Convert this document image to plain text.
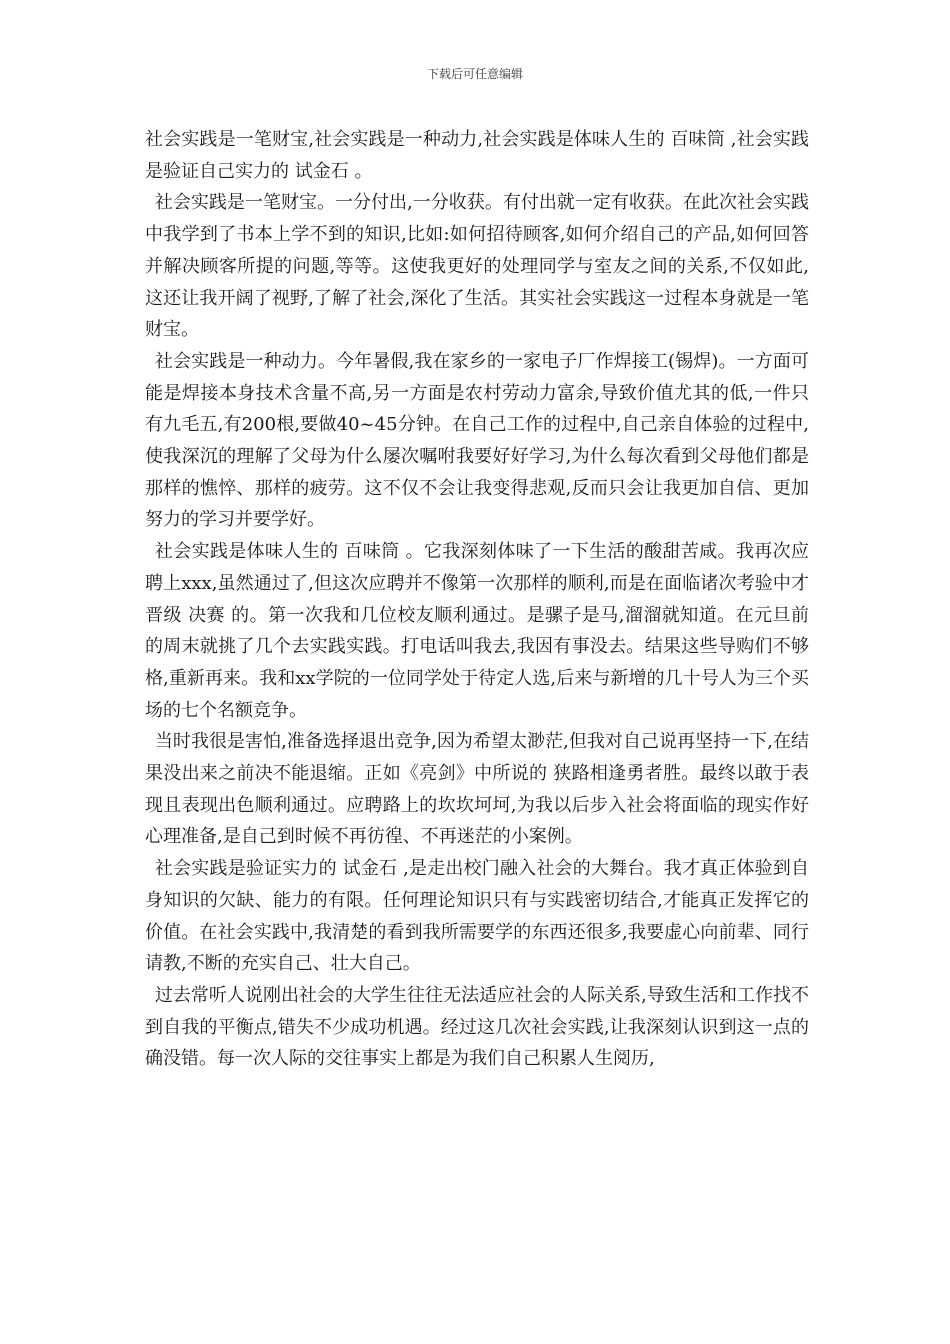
下载后可任意编辑

社会实践是一笔财宝,社会实践是一种动力,社会实践是体味人生的 百味筒 ,社会实践是验证自己实力的 试金石 。

社会实践是一笔财宝。一分付出,一分收获。有付出就一定有收获。在此次社会实践中我学到了书本上学不到的知识,比如:如何招待顾客,如何介绍自己的产品,如何回答并解决顾客所提的问题,等等。这使我更好的处理同学与室友之间的关系,不仅如此,这还让我开阔了视野,了解了社会,深化了生活。其实社会实践这一过程本身就是一笔财宝。

社会实践是一种动力。今年暑假,我在家乡的一家电子厂作焊接工(锡焊)。一方面可能是焊接本身技术含量不高,另一方面是农村劳动力富余,导致价值尤其的低,一件只有九毛五,有200根,要做40~45分钟。在自己工作的过程中,自己亲自体验的过程中,使我深沉的理解了父母为什么屡次嘱咐我要好好学习,为什么每次看到父母他们都是那样的憔悴、那样的疲劳。这不仅不会让我变得悲观,反而只会让我更加自信、更加努力的学习并要学好。

社会实践是体味人生的 百味筒 。它我深刻体味了一下生活的酸甜苦咸。我再次应聘上xxx,虽然通过了,但这次应聘并不像第一次那样的顺利,而是在面临诸次考验中才晋级 决赛 的。第一次我和几位校友顺利通过。是骡子是马,溜溜就知道。在元旦前的周末就挑了几个去实践实践。打电话叫我去,我因有事没去。结果这些导购们不够格,重新再来。我和xx学院的一位同学处于待定人选,后来与新增的几十号人为三个买场的七个名额竞争。

当时我很是害怕,准备选择退出竞争,因为希望太渺茫,但我对自己说再坚持一下,在结果没出来之前决不能退缩。正如《亮剑》中所说的 狭路相逢勇者胜。最终以敢于表现且表现出色顺利通过。应聘路上的坎坎坷坷,为我以后步入社会将面临的现实作好心理准备,是自己到时候不再彷徨、不再迷茫的小案例。

社会实践是验证实力的 试金石 ,是走出校门融入社会的大舞台。我才真正体验到自身知识的欠缺、能力的有限。任何理论知识只有与实践密切结合,才能真正发挥它的价值。在社会实践中,我清楚的看到我所需要学的东西还很多,我要虚心向前辈、同行请教,不断的充实自己、壮大自己。

过去常听人说刚出社会的大学生往往无法适应社会的人际关系,导致生活和工作找不到自我的平衡点,错失不少成功机遇。经过这几次社会实践,让我深刻认识到这一点的确没错。每一次人际的交往事实上都是为我们自己积累人生阅历,
